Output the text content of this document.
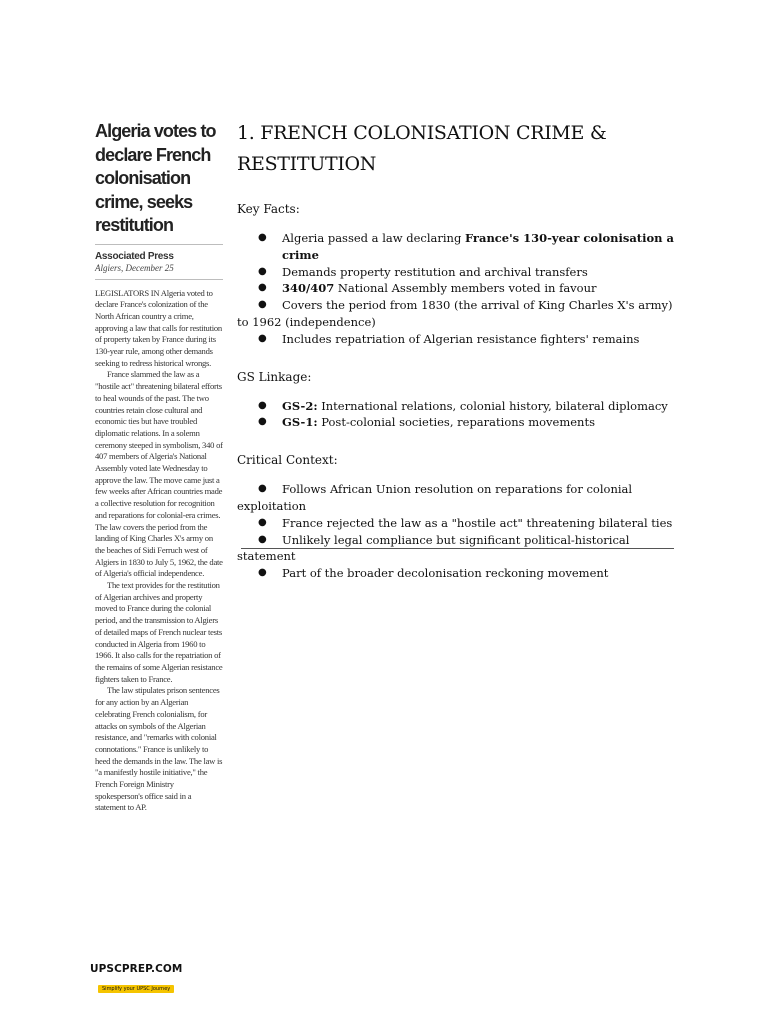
Algeria votes to declare French colonisation crime, seeks restitution
Associated Press
Algiers, December 25

LEGISLATORS IN Algeria voted to declare France's colonization of the North African country a crime, approving a law that calls for restitution of property taken by France during its 130-year rule, among other demands seeking to redress historical wrongs.

France slammed the law as a "hostile act" threatening bilateral efforts to heal wounds of the past. The two countries retain close cultural and economic ties but have troubled diplomatic relations. In a solemn ceremony steeped in symbolism, 340 of 407 members of Algeria's National Assembly voted late Wednesday to approve the law. The move came just a few weeks after African countries made a collective resolution for recognition and reparations for colonial-era crimes. The law covers the period from the landing of King Charles X's army on the beaches of Sidi Ferruch west of Algiers in 1830 to July 5, 1962, the date of Algeria's official independence.

The text provides for the restitution of Algerian archives and property moved to France during the colonial period, and the transmission to Algiers of detailed maps of French nuclear tests conducted in Algeria from 1960 to 1966. It also calls for the repatriation of the remains of some Algerian resistance fighters taken to France.

The law stipulates prison sentences for any action by an Algerian celebrating French colonialism, for attacks on symbols of the Algerian resistance, and "remarks with colonial connotations." France is unlikely to heed the demands in the law. The law is "a manifestly hostile initiative," the French Foreign Ministry spokesperson's office said in a statement to AP.

1. FRENCH COLONISATION CRIME & RESTITUTION
Key Facts:
● Algeria passed a law declaring France's 130-year colonisation a crime
● Demands property restitution and archival transfers
● 340/407 National Assembly members voted in favour
● Covers the period from 1830 (the arrival of King Charles X's army) to 1962 (independence)
● Includes repatriation of Algerian resistance fighters' remains
GS Linkage:
● GS-2: International relations, colonial history, bilateral diplomacy
● GS-1: Post-colonial societies, reparations movements
Critical Context:
● Follows African Union resolution on reparations for colonial exploitation
● France rejected the law as a "hostile act" threatening bilateral ties
● Unlikely legal compliance but significant political-historical statement
● Part of the broader decolonisation reckoning movement
UPSCPREP.COM
Simplify your UPSC Journey
